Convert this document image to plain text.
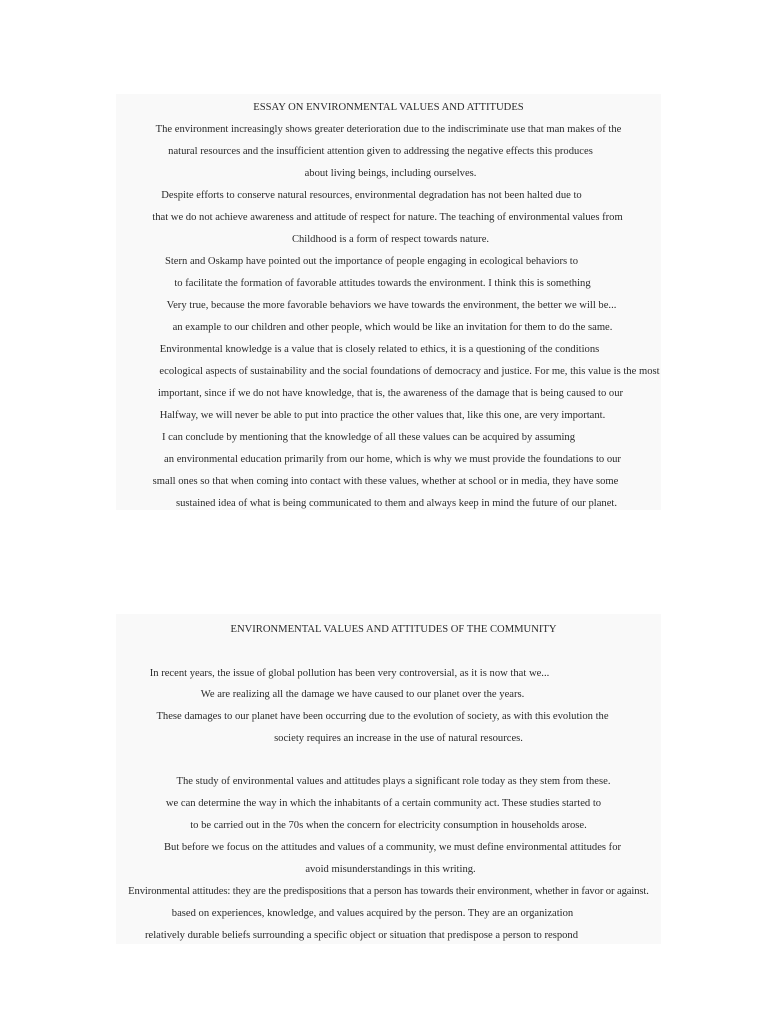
ESSAY ON ENVIRONMENTAL VALUES AND ATTITUDES
The environment increasingly shows greater deterioration due to the indiscriminate use that man makes of the
natural resources and the insufficient attention given to addressing the negative effects this produces
about living beings, including ourselves.
Despite efforts to conserve natural resources, environmental degradation has not been halted due to
that we do not achieve awareness and attitude of respect for nature. The teaching of environmental values from
Childhood is a form of respect towards nature.
Stern and Oskamp have pointed out the importance of people engaging in ecological behaviors to
to facilitate the formation of favorable attitudes towards the environment. I think this is something
Very true, because the more favorable behaviors we have towards the environment, the better we will be...
an example to our children and other people, which would be like an invitation for them to do the same.
Environmental knowledge is a value that is closely related to ethics, it is a questioning of the conditions
ecological aspects of sustainability and the social foundations of democracy and justice. For me, this value is the most
important, since if we do not have knowledge, that is, the awareness of the damage that is being caused to our
Halfway, we will never be able to put into practice the other values that, like this one, are very important.
I can conclude by mentioning that the knowledge of all these values can be acquired by assuming
an environmental education primarily from our home, which is why we must provide the foundations to our
small ones so that when coming into contact with these values, whether at school or in media, they have some
sustained idea of what is being communicated to them and always keep in mind the future of our planet.
ENVIRONMENTAL VALUES AND ATTITUDES OF THE COMMUNITY
In recent years, the issue of global pollution has been very controversial, as it is now that we...
We are realizing all the damage we have caused to our planet over the years.
These damages to our planet have been occurring due to the evolution of society, as with this evolution the
society requires an increase in the use of natural resources.
The study of environmental values and attitudes plays a significant role today as they stem from these.
we can determine the way in which the inhabitants of a certain community act. These studies started to
to be carried out in the 70s when the concern for electricity consumption in households arose.
But before we focus on the attitudes and values of a community, we must define environmental attitudes for
avoid misunderstandings in this writing.
Environmental attitudes: they are the predispositions that a person has towards their environment, whether in favor or against.
based on experiences, knowledge, and values acquired by the person. They are an organization
relatively durable beliefs surrounding a specific object or situation that predispose a person to respond
